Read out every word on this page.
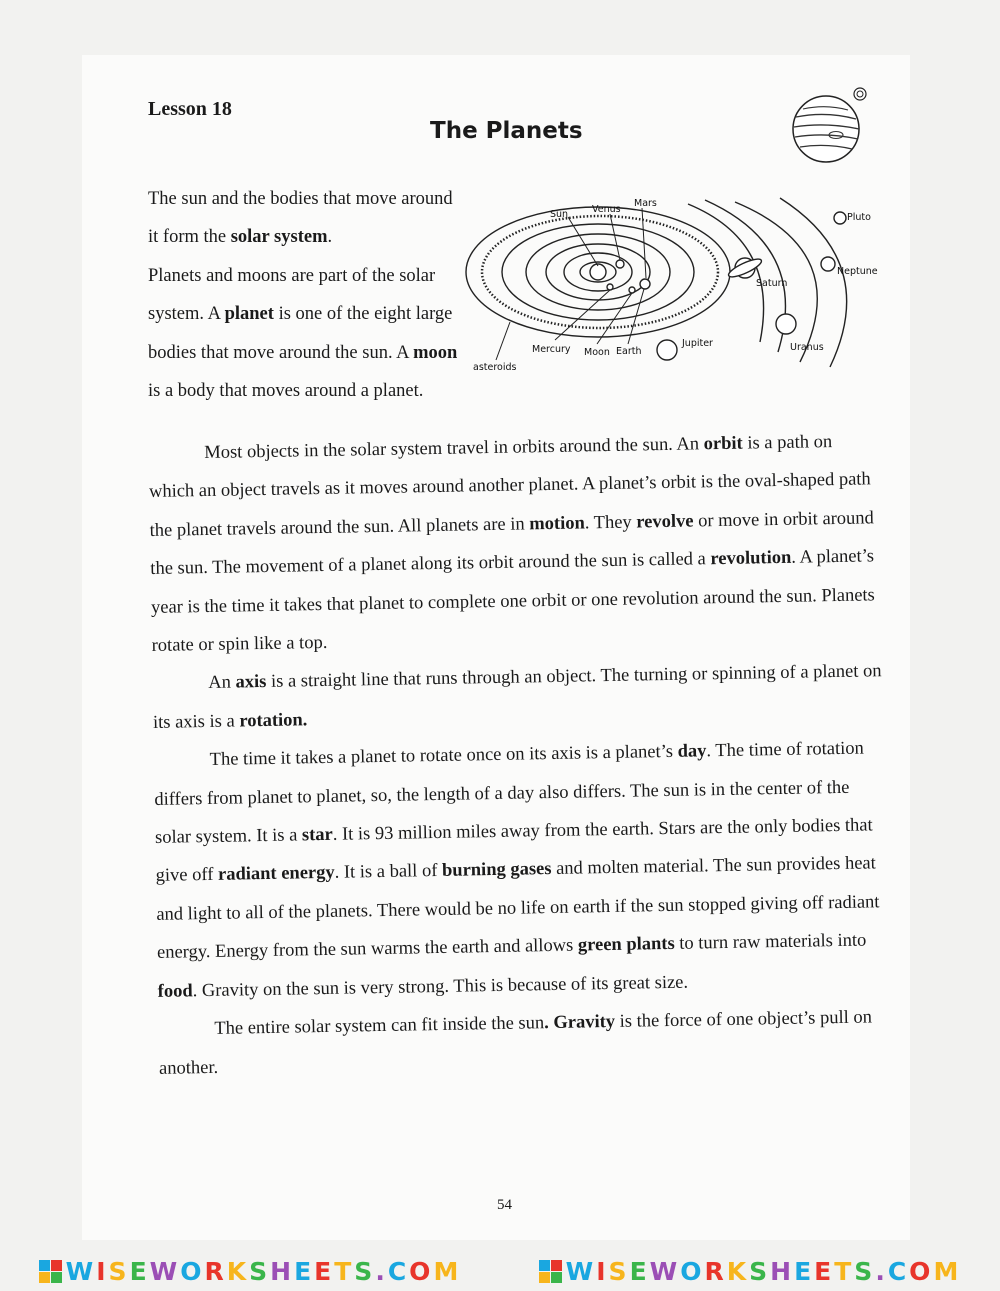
Lesson 18
The Planets

The sun and the bodies that move around it form the solar system.

Planets and moons are part of the solar system. A planet is one of the eight large bodies that move around the sun. A moon is a body that moves around a planet.

Sun	Venus
Mars
Pluto
Saturn
Neptune
Uranus
Jupiter
Earth
Moon
Mercury
asteroids

Most objects in the solar system travel in orbits around the sun. An orbit is a path on which an object travels as it moves around another planet. A planet’s orbit is the oval-shaped path the planet travels around the sun. All planets are in motion. They revolve or move in orbit around the sun. The movement of a planet along its orbit around the sun is called a revolution. A planet’s year is the time it takes that planet to complete one orbit or one revolution around the sun. Planets rotate or spin like a top.

An axis is a straight line that runs through an object. The turning or spinning of a planet on its axis is a rotation.

The time it takes a planet to rotate once on its axis is a planet’s day. The time of rotation differs from planet to planet, so, the length of a day also differs. The sun is in the center of the solar system. It is a star. It is 93 million miles away from the earth. Stars are the only bodies that give off radiant energy. It is a ball of burning gases and molten material. The sun provides heat and light to all of the planets. There would be no life on earth if the sun stopped giving off radiant energy. Energy from the sun warms the earth and allows green plants to turn raw materials into food. Gravity on the sun is very strong. This is because of its great size.

The entire solar system can fit inside the sun. Gravity is the force of one object’s pull on another.

54
WISEWORKSHEETS.COM	WISEWORKSHEETS.COM
